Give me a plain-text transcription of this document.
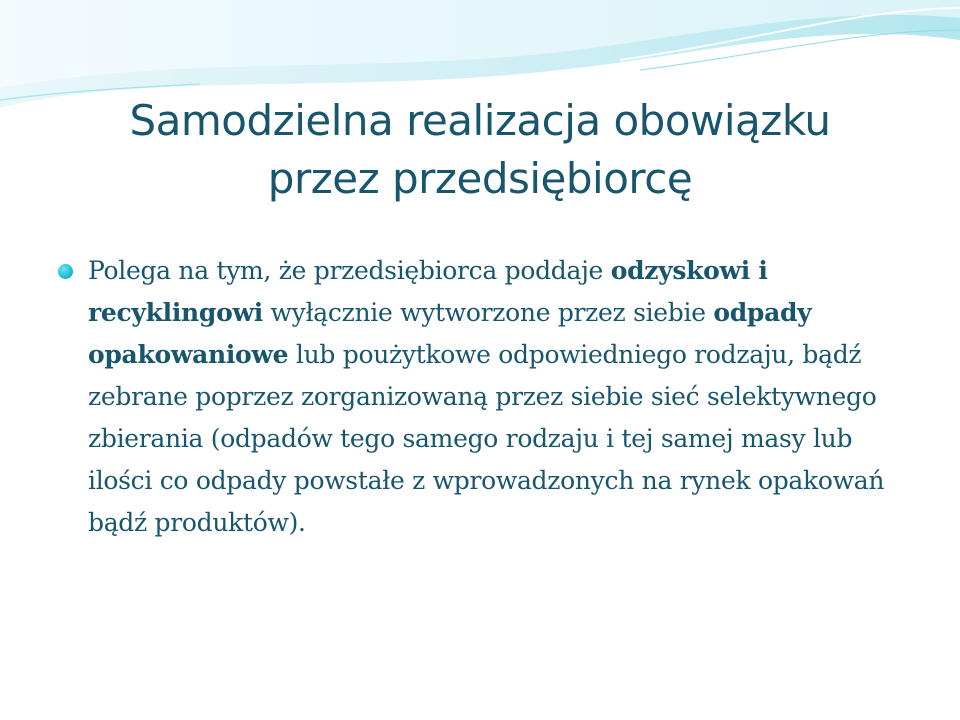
Samodzielna realizacja obowiązku
przez przedsiębiorcę
Polega na tym, że przedsiębiorca poddaje odzyskowi i recyklingowi wyłącznie wytworzone przez siebie odpady opakowaniowe lub poużytkowe odpowiedniego rodzaju, bądź zebrane poprzez zorganizowaną przez siebie sieć selektywnego zbierania (odpadów tego samego rodzaju i tej samej masy lub ilości co odpady powstałe z wprowadzonych na rynek opakowań bądź produktów).
